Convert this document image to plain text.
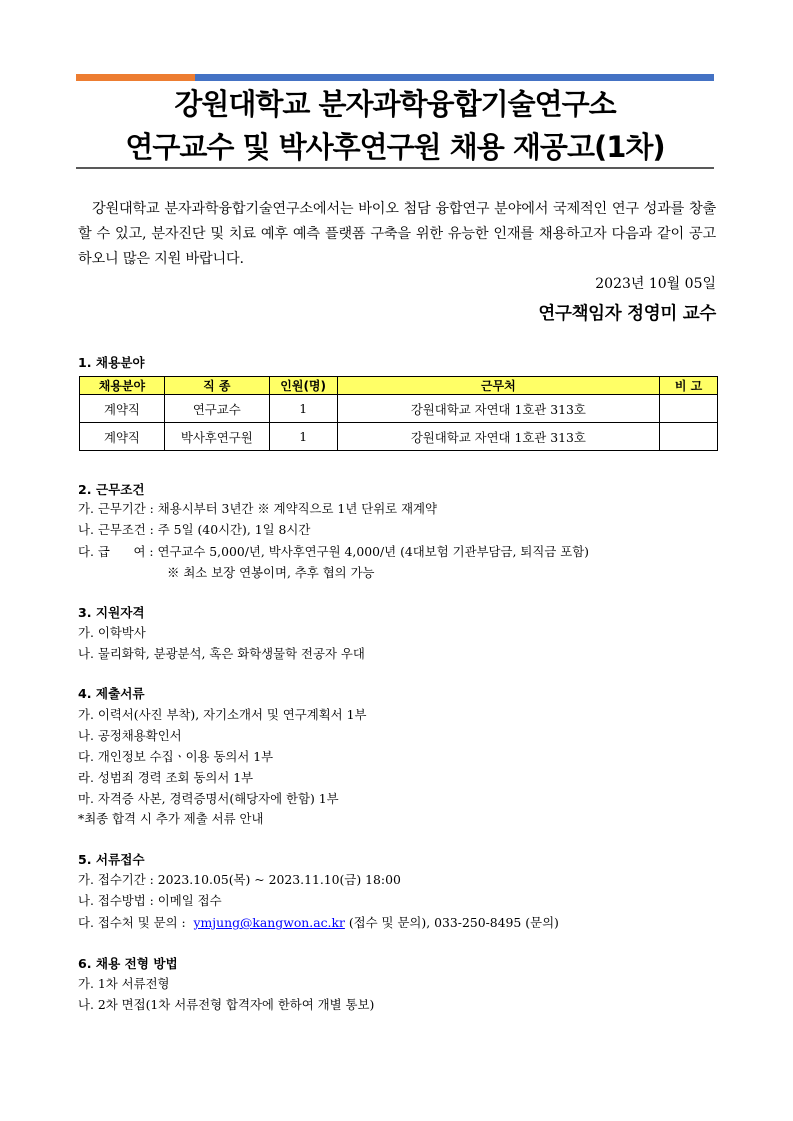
강원대학교 분자과학융합기술연구소
연구교수 및 박사후연구원 채용 재공고(1차)
강원대학교 분자과학융합기술연구소에서는 바이오 첨담 융합연구 분야에서 국제적인 연구 성과를 창출할 수 있고, 분자진단 및 치료 예후 예측 플랫폼 구축을 위한 유능한 인재를 채용하고자 다음과 같이 공고하오니 많은 지원 바랍니다.
2023년 10월 05일
연구책임자 정영미 교수
1. 채용분야
채용분야	직 종	인원(명)	근무처	비 고
계약직	연구교수	1	강원대학교 자연대 1호관 313호	
계약직	박사후연구원	1	강원대학교 자연대 1호관 313호	
2. 근무조건
가. 근무기간 : 채용시부터 3년간 ※ 계약직으로 1년 단위로 재계약
나. 근무조건 : 주 5일 (40시간), 1일 8시간
다. 급      여 : 연구교수 5,000/년, 박사후연구원 4,000/년 (4대보험 기관부담금, 퇴직금 포함)
※ 최소 보장 연봉이며, 추후 협의 가능
3. 지원자격
가. 이학박사
나. 물리화학, 분광분석, 혹은 화학생물학 전공자 우대
4. 제출서류
가. 이력서(사진 부착), 자기소개서 및 연구계획서 1부
나. 공정채용확인서
다. 개인정보 수집ㆍ이용 동의서 1부
라. 성범죄 경력 조회 동의서 1부
마. 자격증 사본, 경력증명서(해당자에 한함) 1부
*최종 합격 시 추가 제출 서류 안내
5. 서류접수
가. 접수기간 : 2023.10.05(목) ~ 2023.11.10(금) 18:00
나. 접수방법 : 이메일 접수
다. 접수처 및 문의 :  ymjung@kangwon.ac.kr (접수 및 문의), 033-250-8495 (문의)
6. 채용 전형 방법
가. 1차 서류전형
나. 2차 면접(1차 서류전형 합격자에 한하여 개별 통보)
